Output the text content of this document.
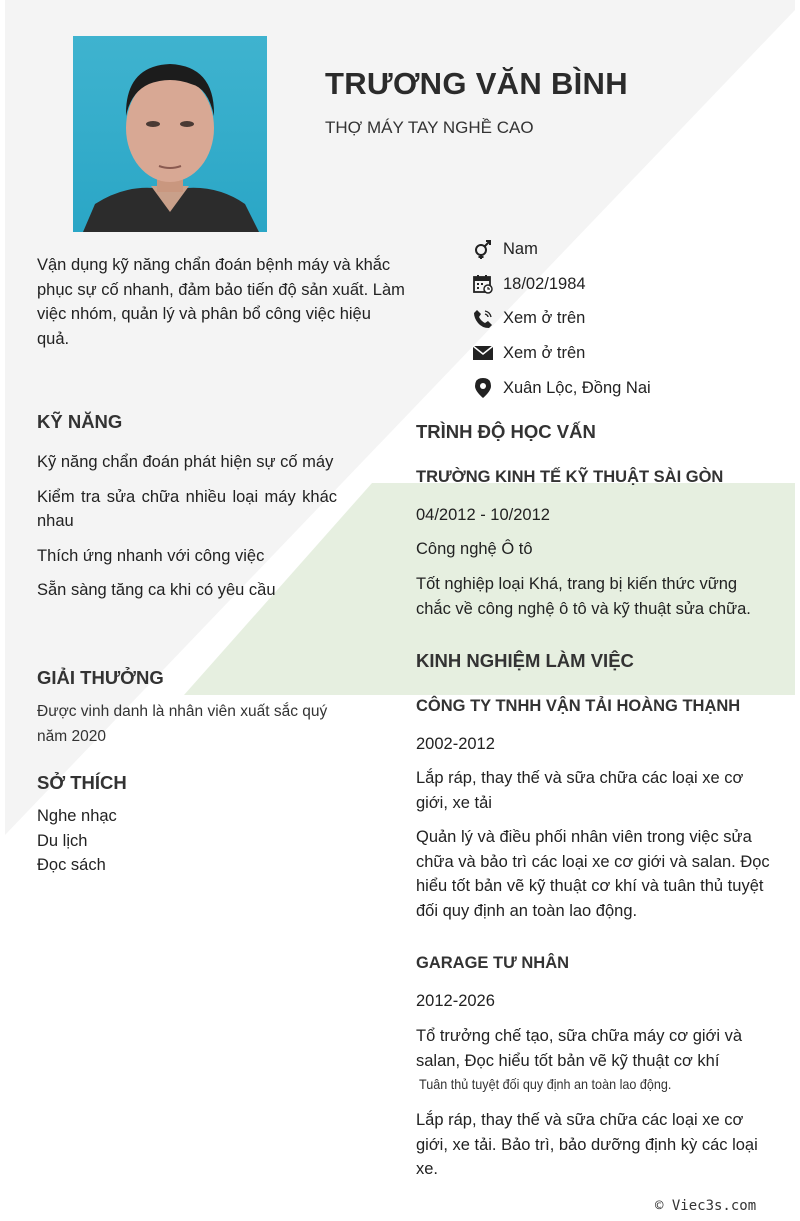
TRƯƠNG VĂN BÌNH
THỢ MÁY TAY NGHỀ CAO
Vận dụng kỹ năng chẩn đoán bệnh máy và khắc phục sự cố nhanh, đảm bảo tiến độ sản xuất. Làm việc nhóm, quản lý và phân bổ công việc hiệu quả.
Nam
18/02/1984
Xem ở trên
Xem ở trên
Xuân Lộc, Đồng Nai
KỸ NĂNG
Kỹ năng chẩn đoán phát hiện sự cố máy
Kiểm tra sửa chữa nhiều loại máy khác nhau
Thích ứng nhanh với công việc
Sẵn sàng tăng ca khi có yêu cầu
GIẢI THƯỞNG
Được vinh danh là nhân viên xuất sắc quý năm 2020
SỞ THÍCH
Nghe nhạc
Du lịch
Đọc sách
TRÌNH ĐỘ HỌC VẤN
TRƯỜNG KINH TẾ KỸ THUẬT SÀI GÒN
04/2012 - 10/2012
Công nghệ Ô tô
Tốt nghiệp loại Khá, trang bị kiến thức vững chắc về công nghệ ô tô và kỹ thuật sửa chữa.
KINH NGHIỆM LÀM VIỆC
CÔNG TY TNHH VẬN TẢI HOÀNG THẠNH
2002-2012
Lắp ráp, thay thế và sữa chữa các loại xe cơ giới, xe tải
Quản lý và điều phối nhân viên trong việc sửa chữa và bảo trì các loại xe cơ giới và salan. Đọc hiểu tốt bản vẽ kỹ thuật cơ khí và tuân thủ tuyệt đối quy định an toàn lao động.
GARAGE TƯ NHÂN
2012-2026
Tổ trưởng chế tạo, sữa chữa máy cơ giới và salan, Đọc hiểu tốt bản vẽ kỹ thuật cơ khí
Tuân thủ tuyệt đối quy định an toàn lao động.
Lắp ráp, thay thế và sữa chữa các loại xe cơ giới, xe tải. Bảo trì, bảo dưỡng định kỳ các loại xe.
© Viec3s.com
